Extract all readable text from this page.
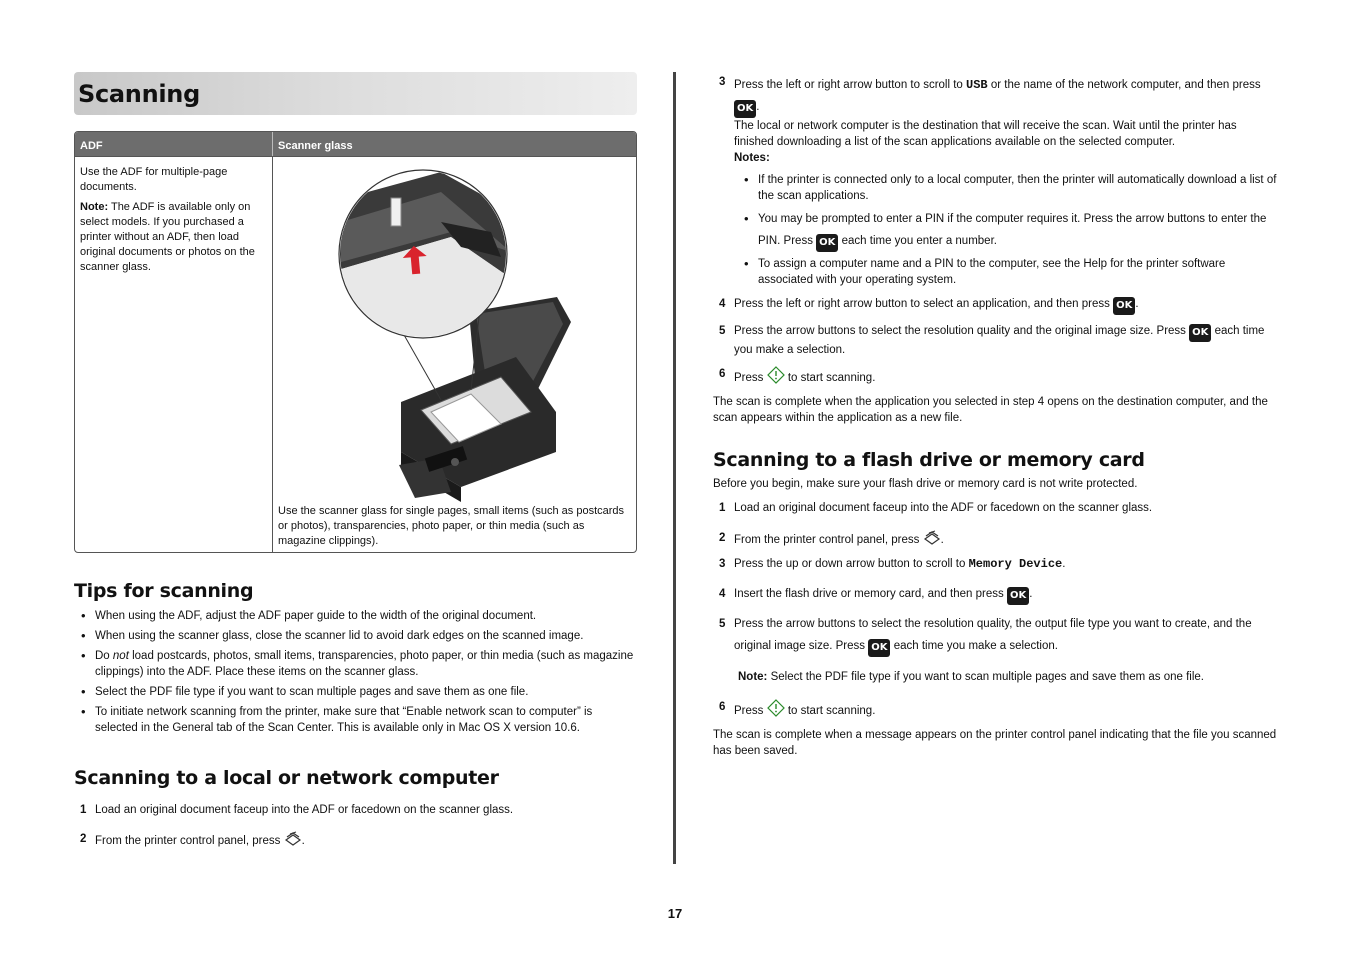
Scanning
ADF	Scanner glass

Use the ADF for multiple-page documents.

Note: The ADF is available only on select models. If you purchased a printer without an ADF, then load original documents or photos on the scanner glass.

Use the scanner glass for single pages, small items (such as postcards or photos), transparencies, photo paper, or thin media (such as magazine clippings).
Tips for scanning
• When using the ADF, adjust the ADF paper guide to the width of the original document.
• When using the scanner glass, close the scanner lid to avoid dark edges on the scanned image.
• Do not load postcards, photos, small items, transparencies, photo paper, or thin media (such as magazine clippings) into the ADF. Place these items on the scanner glass.
• Select the PDF file type if you want to scan multiple pages and save them as one file.
• To initiate network scanning from the printer, make sure that “Enable network scan to computer” is selected in the General tab of the Scan Center. This is available only in Mac OS X version 10.6.
Scanning to a local or network computer
1 Load an original document faceup into the ADF or facedown on the scanner glass.
2 From the printer control panel, press .
3 Press the left or right arrow button to scroll to USB or the name of the network computer, and then press OK .

The local or network computer is the destination that will receive the scan. Wait until the printer has finished downloading a list of the scan applications available on the selected computer.

Notes:

• If the printer is connected only to a local computer, then the printer will automatically download a list of the scan applications.
• You may be prompted to enter a PIN if the computer requires it. Press the arrow buttons to enter the PIN. Press OK each time you enter a number.
• To assign a computer name and a PIN to the computer, see the Help for the printer software associated with your operating system.
4 Press the left or right arrow button to select an application, and then press OK .
5 Press the arrow buttons to select the resolution quality and the original image size. Press OK each time you make a selection.
6 Press to start scanning.

The scan is complete when the application you selected in step 4 opens on the destination computer, and the scan appears within the application as a new file.

Scanning to a flash drive or memory card

Before you begin, make sure your flash drive or memory card is not write protected.

1 Load an original document faceup into the ADF or facedown on the scanner glass.
2 From the printer control panel, press .
3 Press the up or down arrow button to scroll to Memory Device.
4 Insert the flash drive or memory card, and then press OK .
5 Press the arrow buttons to select the resolution quality, the output file type you want to create, and the original image size. Press OK each time you make a selection.

Note: Select the PDF file type if you want to scan multiple pages and save them as one file.

6 Press to start scanning.

The scan is complete when a message appears on the printer control panel indicating that the file you scanned has been saved.

17
